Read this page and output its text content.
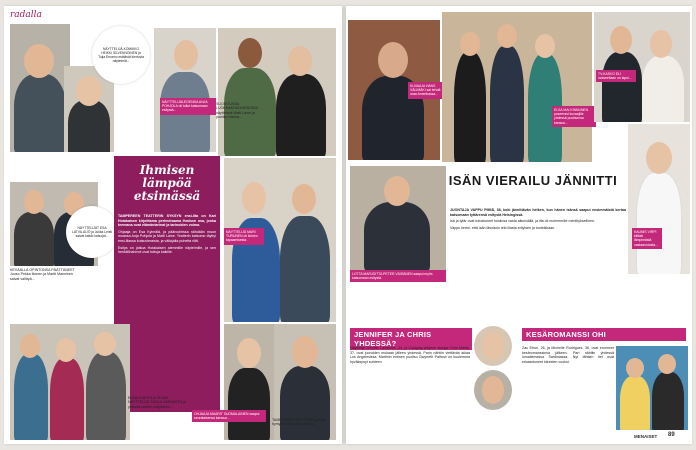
radalla
NÄYTTELIJÄ-KOMIKKO HEIKKI SILVENNOINEN ja Tuija Ernamo esittävät kiertuvia näytelmiä...
NÄYTTELIJÄLEGENDA ANJA POHJOLA oli tullut katsomaan esitystä...
SUOSITUSSA LUOKKAKOKOUKSESSA näyttelevä Matti Laine ja puoliso Hanna...
NÄYTTELIJÄT ESA LATVA-ÄIJÖ ja Jukka Leisti saivat kaikki katsojat...
KEVÄÄLLÄ OPINTONSA PÄÄTTÄNEET Juuso Pekka Ikonen ja Martti Manninen saivat valittyä...
Ihmisen lämpöä etsimässä

TAMPEREEN TEATTERIN SYKSYN ensi-ilta on Kari Hotakaisen kirjoittama perhedraama Ihmisen osa, jonka teemana ovat elämäntarinat ja tarinoiden voima.

Ohjaaja on Esa Kylmälä, ja päärooleissa nähdään muun muassa Anja Pohjola ja Matti Laine. Teatterin katsomo täyttyi ensi-illassa kutsuvieraista, ja väliajalla puhetta riitti.

Esitys on jatkoa Hotakaisen aiemmille näytelmille, ja sen henkilöhahmot ovat tuttuja kaikille.

NÄYTTELIJÄ MARI TURUNEN oli iloinen tapaamisesta.
ELINA KNIHTILÄ OHJAA NÄYTTELIJÄ TUULA VÄÄNÄSTÄ ja ystävää uuteen esitykseen...
OHJAAJA MAARIT SUOMALAINEN saapui seuralaisensa kanssa...	TAMPEREEN TEATTERIN johtaja hymyilee ensi-illan jälkeen...
KUVAAJA HANS VÄLIMÄKI sai tehdä uraa Amerikassa...
ELSA MAI KINNUNEN poseerasi kuvaajille yhdessä puolisonsa kanssa...
TV-KASVO ELI luotseellaan on lapsi...
KAUNIS VIRPI kiittää lämpimästä vastaanotosta...
ISÄN VIERAILU JÄNNITTI

JUONTAJA VAPPU PIMIÄ, 38, koki jännittävän hetken, kun hänen isänsä saapui ensimmäistä kertaa katsomaan tyttärensä esitystä Helsingissä.

Isä ja tytär ovat tutustuneet toisiinsa vasta aikuisiällä, ja ilta oli molemmille merkityksellinen.

Vappu kertoi, että isän läsnäolo teki illasta erityisen ja tunteikkaan.

LOTTA MARJOITTA PETER VÄISÄNEN saapui myös katsomaan esitystä.
JENNIFER JA CHRIS YHDESSÄ?
Näyttelijä Jennifer Lawrence, 24, ja Coldplay-yhtyeen laulaja Chris Martin, 37, ovat juoruiden mukaan jälleen yhdessä. Parin nähtiin viettävän aikaa Los Angelesissa. Martinin entinen puoliso Gwyneth Paltrow on kuulemma hyväksynyt suhteen.
KESÄROMANSSI OHI
Zac Efron, 26, ja Michelle Rodriguez, 36, ovat eronneet kesäromanssinsa jälkeen. Pari nähtiin yhdessä lomailemassa Sardiniassa. Nyt tähtien tiet ovat erkaantuneet kiireiden vuoksi.
MENAISET 89
